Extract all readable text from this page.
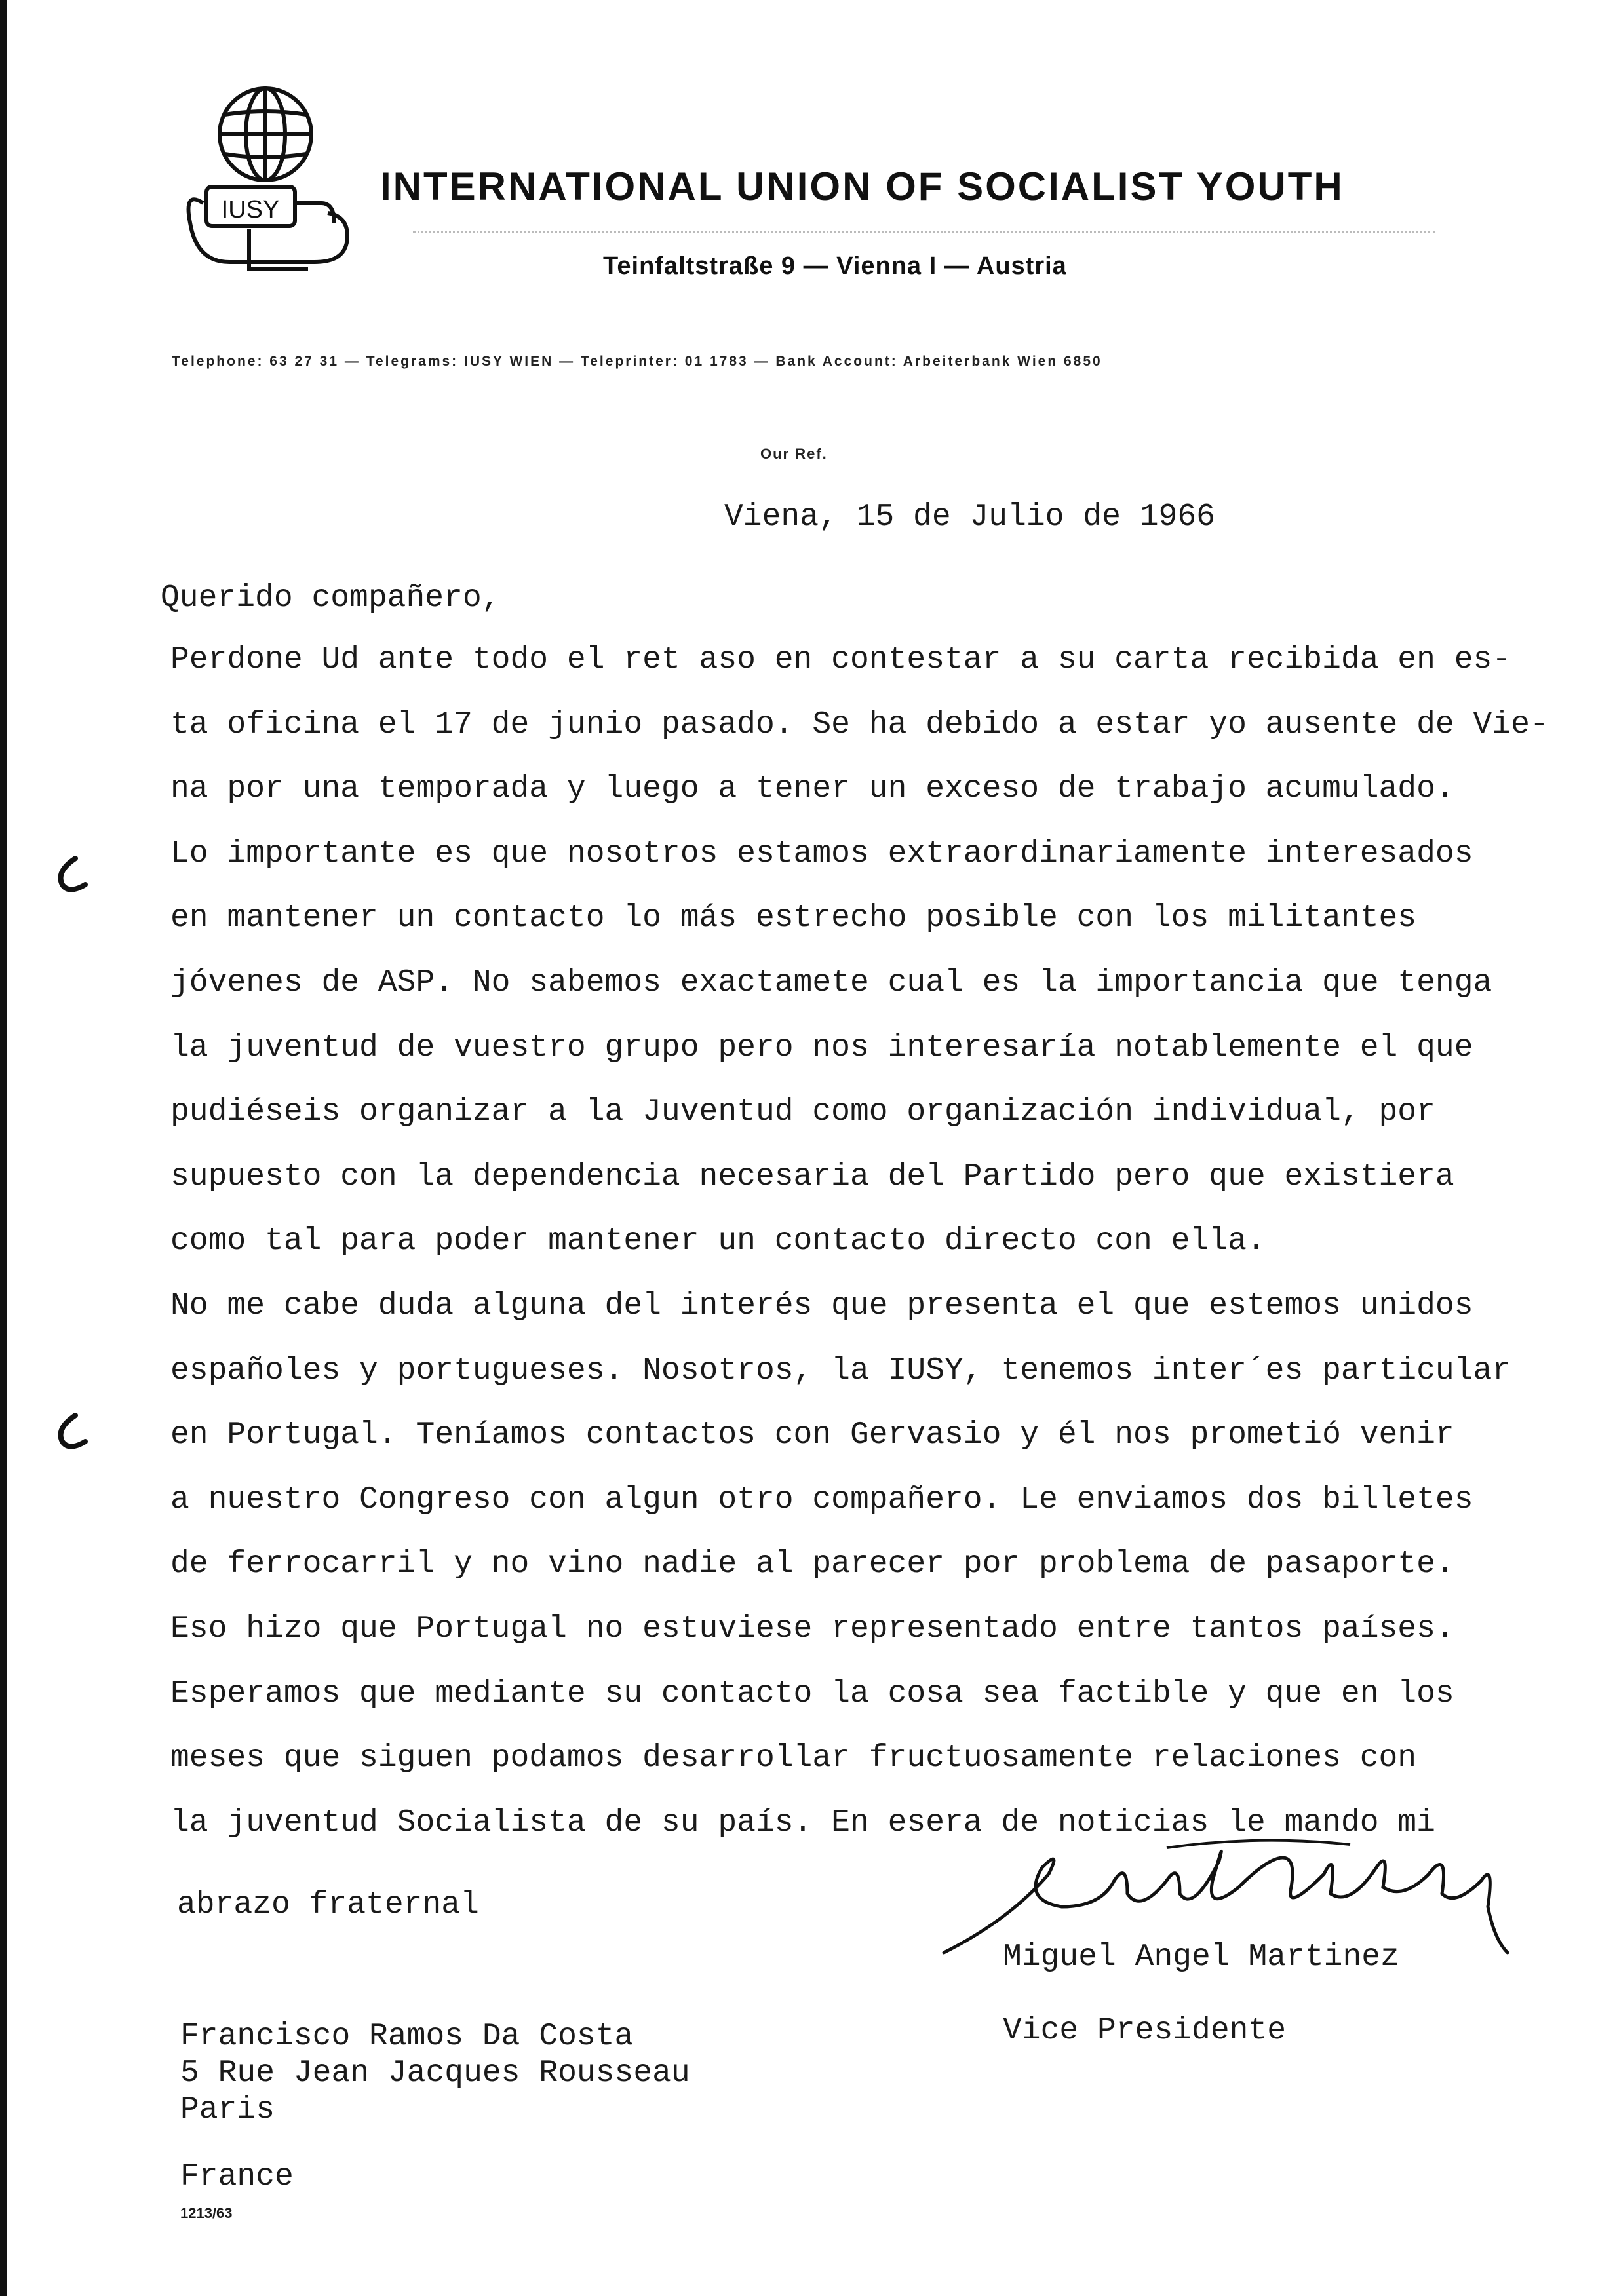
IUSY
INTERNATIONAL UNION OF SOCIALIST YOUTH
Teinfaltstraße 9 — Vienna I — Austria
Telephone: 63 27 31 — Telegrams: IUSY WIEN — Teleprinter: 01 1783 — Bank Account: Arbeiterbank Wien 6850
Our Ref.
Viena, 15 de Julio de 1966
Querido compañero,
Perdone Ud ante todo el ret aso en contestar a su carta recibida en es-
ta oficina el 17 de junio pasado. Se ha debido a estar yo ausente de Vie-
na por una temporada y luego a tener un exceso de trabajo acumulado.
Lo importante es que nosotros estamos extraordinariamente interesados
en mantener un contacto lo más estrecho posible con los militantes
jóvenes de ASP. No sabemos exactamete cual es la importancia que tenga
la juventud de vuestro grupo pero nos interesaría notablemente el que
pudiéseis organizar a la Juventud como organización individual, por
supuesto con la dependencia necesaria del Partido pero que existiera
como tal para poder mantener un contacto directo con ella.
No me cabe duda alguna del interés que presenta el que estemos unidos
españoles y portugueses. Nosotros, la IUSY, tenemos inter´es particular
en Portugal. Teníamos contactos con Gervasio y él nos prometió venir
a nuestro Congreso con algun otro compañero. Le enviamos dos billetes
de ferrocarril y no vino nadie al parecer por problema de pasaporte.
Eso hizo que Portugal no estuviese representado entre tantos países.
Esperamos que mediante su contacto la cosa sea factible y que en los
meses que siguen podamos desarrollar fructuosamente relaciones con
la juventud Socialista de su país. En esera de noticias le mando mi
abrazo fraternal
Miguel Angel Martinez
Vice Presidente
Francisco Ramos Da Costa
5 Rue Jean Jacques Rousseau
Paris
France
1213/63
